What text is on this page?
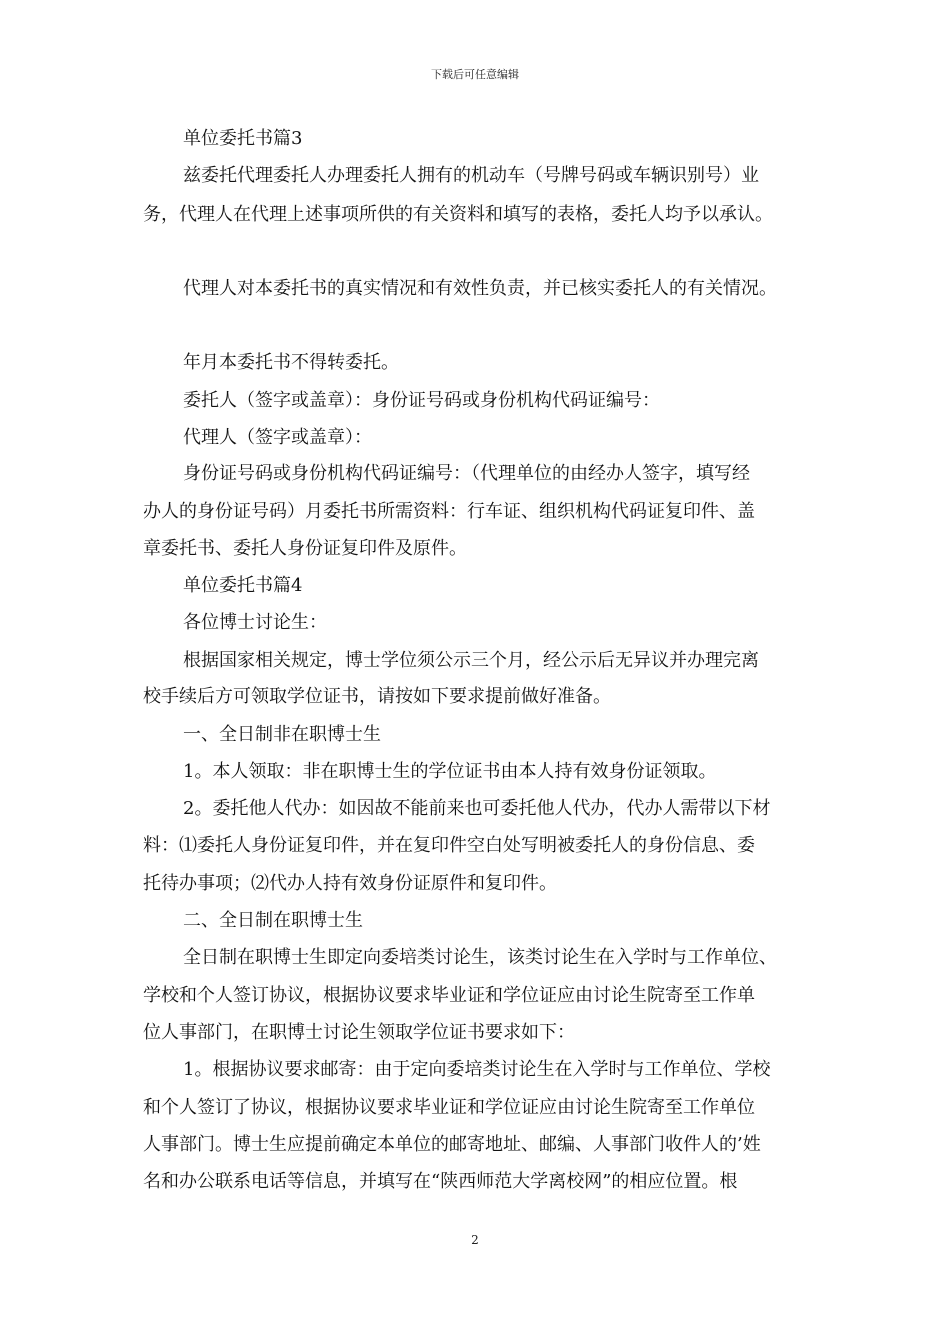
下载后可任意编辑
单位委托书篇3
兹委托代理委托人办理委托人拥有的机动车（号牌号码或车辆识别号）业
务，代理人在代理上述事项所供的有关资料和填写的表格，委托人均予以承认。
代理人对本委托书的真实情况和有效性负责，并已核实委托人的有关情况。
年月本委托书不得转委托。
委托人（签字或盖章）：身份证号码或身份机构代码证编号：
代理人（签字或盖章）：
身份证号码或身份机构代码证编号：（代理单位的由经办人签字，填写经
办人的身份证号码）月委托书所需资料：行车证、组织机构代码证复印件、盖
章委托书、委托人身份证复印件及原件。
单位委托书篇4
各位博士讨论生：
根据国家相关规定，博士学位须公示三个月，经公示后无异议并办理完离
校手续后方可领取学位证书，请按如下要求提前做好准备。
一、全日制非在职博士生
1。本人领取：非在职博士生的学位证书由本人持有效身份证领取。
2。委托他人代办：如因故不能前来也可委托他人代办，代办人需带以下材
料：⑴委托人身份证复印件，并在复印件空白处写明被委托人的身份信息、委
托待办事项；⑵代办人持有效身份证原件和复印件。
二、全日制在职博士生
全日制在职博士生即定向委培类讨论生，该类讨论生在入学时与工作单位、
学校和个人签订协议，根据协议要求毕业证和学位证应由讨论生院寄至工作单
位人事部门，在职博士讨论生领取学位证书要求如下：
1。根据协议要求邮寄：由于定向委培类讨论生在入学时与工作单位、学校
和个人签订了协议，根据协议要求毕业证和学位证应由讨论生院寄至工作单位
人事部门。博士生应提前确定本单位的邮寄地址、邮编、人事部门收件人的’姓
名和办公联系电话等信息，并填写在“陕西师范大学离校网”的相应位置。根
2
